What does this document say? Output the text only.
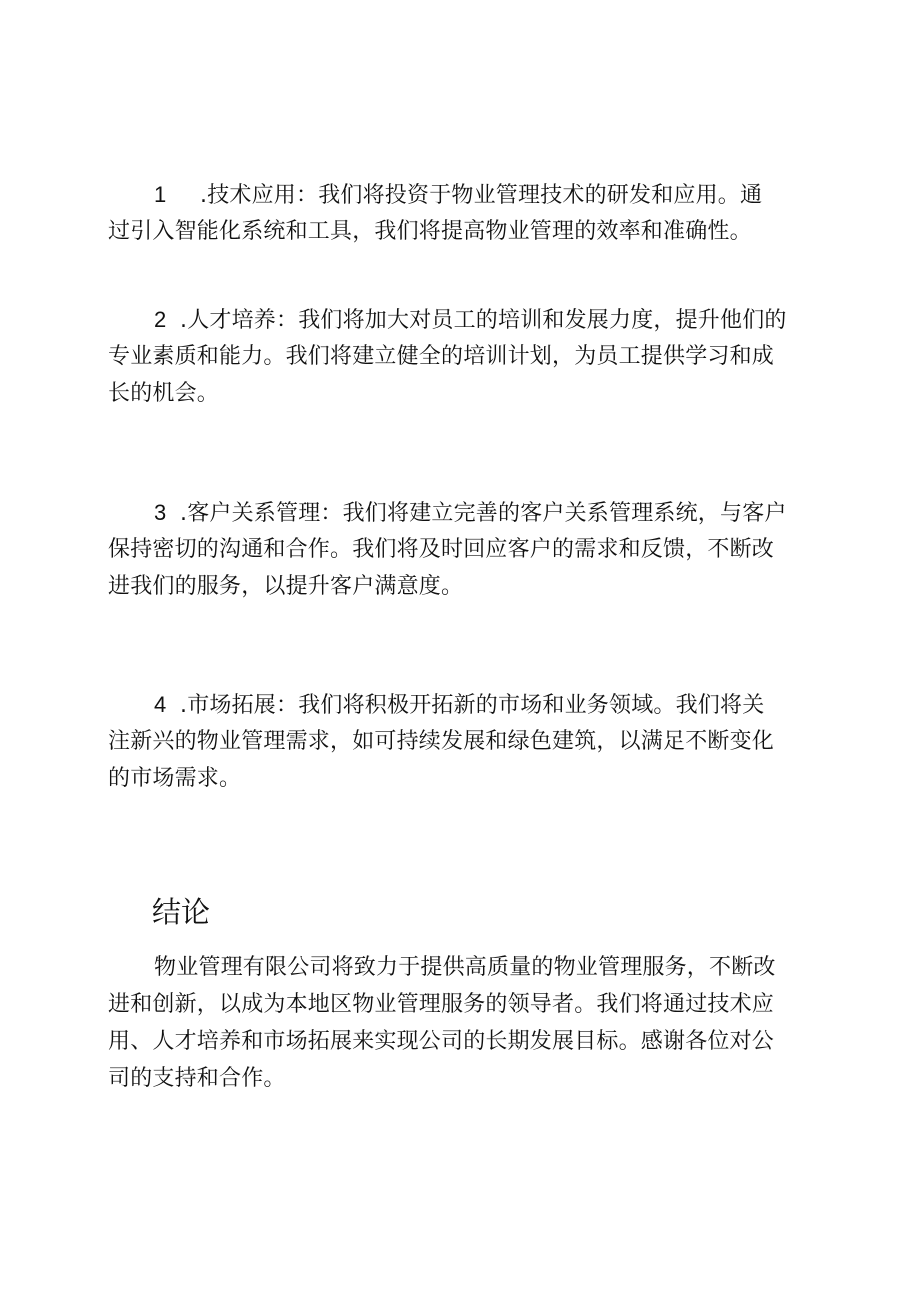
1 .技术应用：我们将投资于物业管理技术的研发和应用。通
过引入智能化系统和工具，我们将提高物业管理的效率和准确性。
2 .人才培养：我们将加大对员工的培训和发展力度，提升他们的
专业素质和能力。我们将建立健全的培训计划，为员工提供学习和成
长的机会。
3 .客户关系管理：我们将建立完善的客户关系管理系统，与客户
保持密切的沟通和合作。我们将及时回应客户的需求和反馈，不断改
进我们的服务，以提升客户满意度。
4 .市场拓展：我们将积极开拓新的市场和业务领域。我们将关
注新兴的物业管理需求，如可持续发展和绿色建筑，以满足不断变化
的市场需求。
结论
物业管理有限公司将致力于提供高质量的物业管理服务，不断改
进和创新，以成为本地区物业管理服务的领导者。我们将通过技术应
用、人才培养和市场拓展来实现公司的长期发展目标。感谢各位对公
司的支持和合作。
